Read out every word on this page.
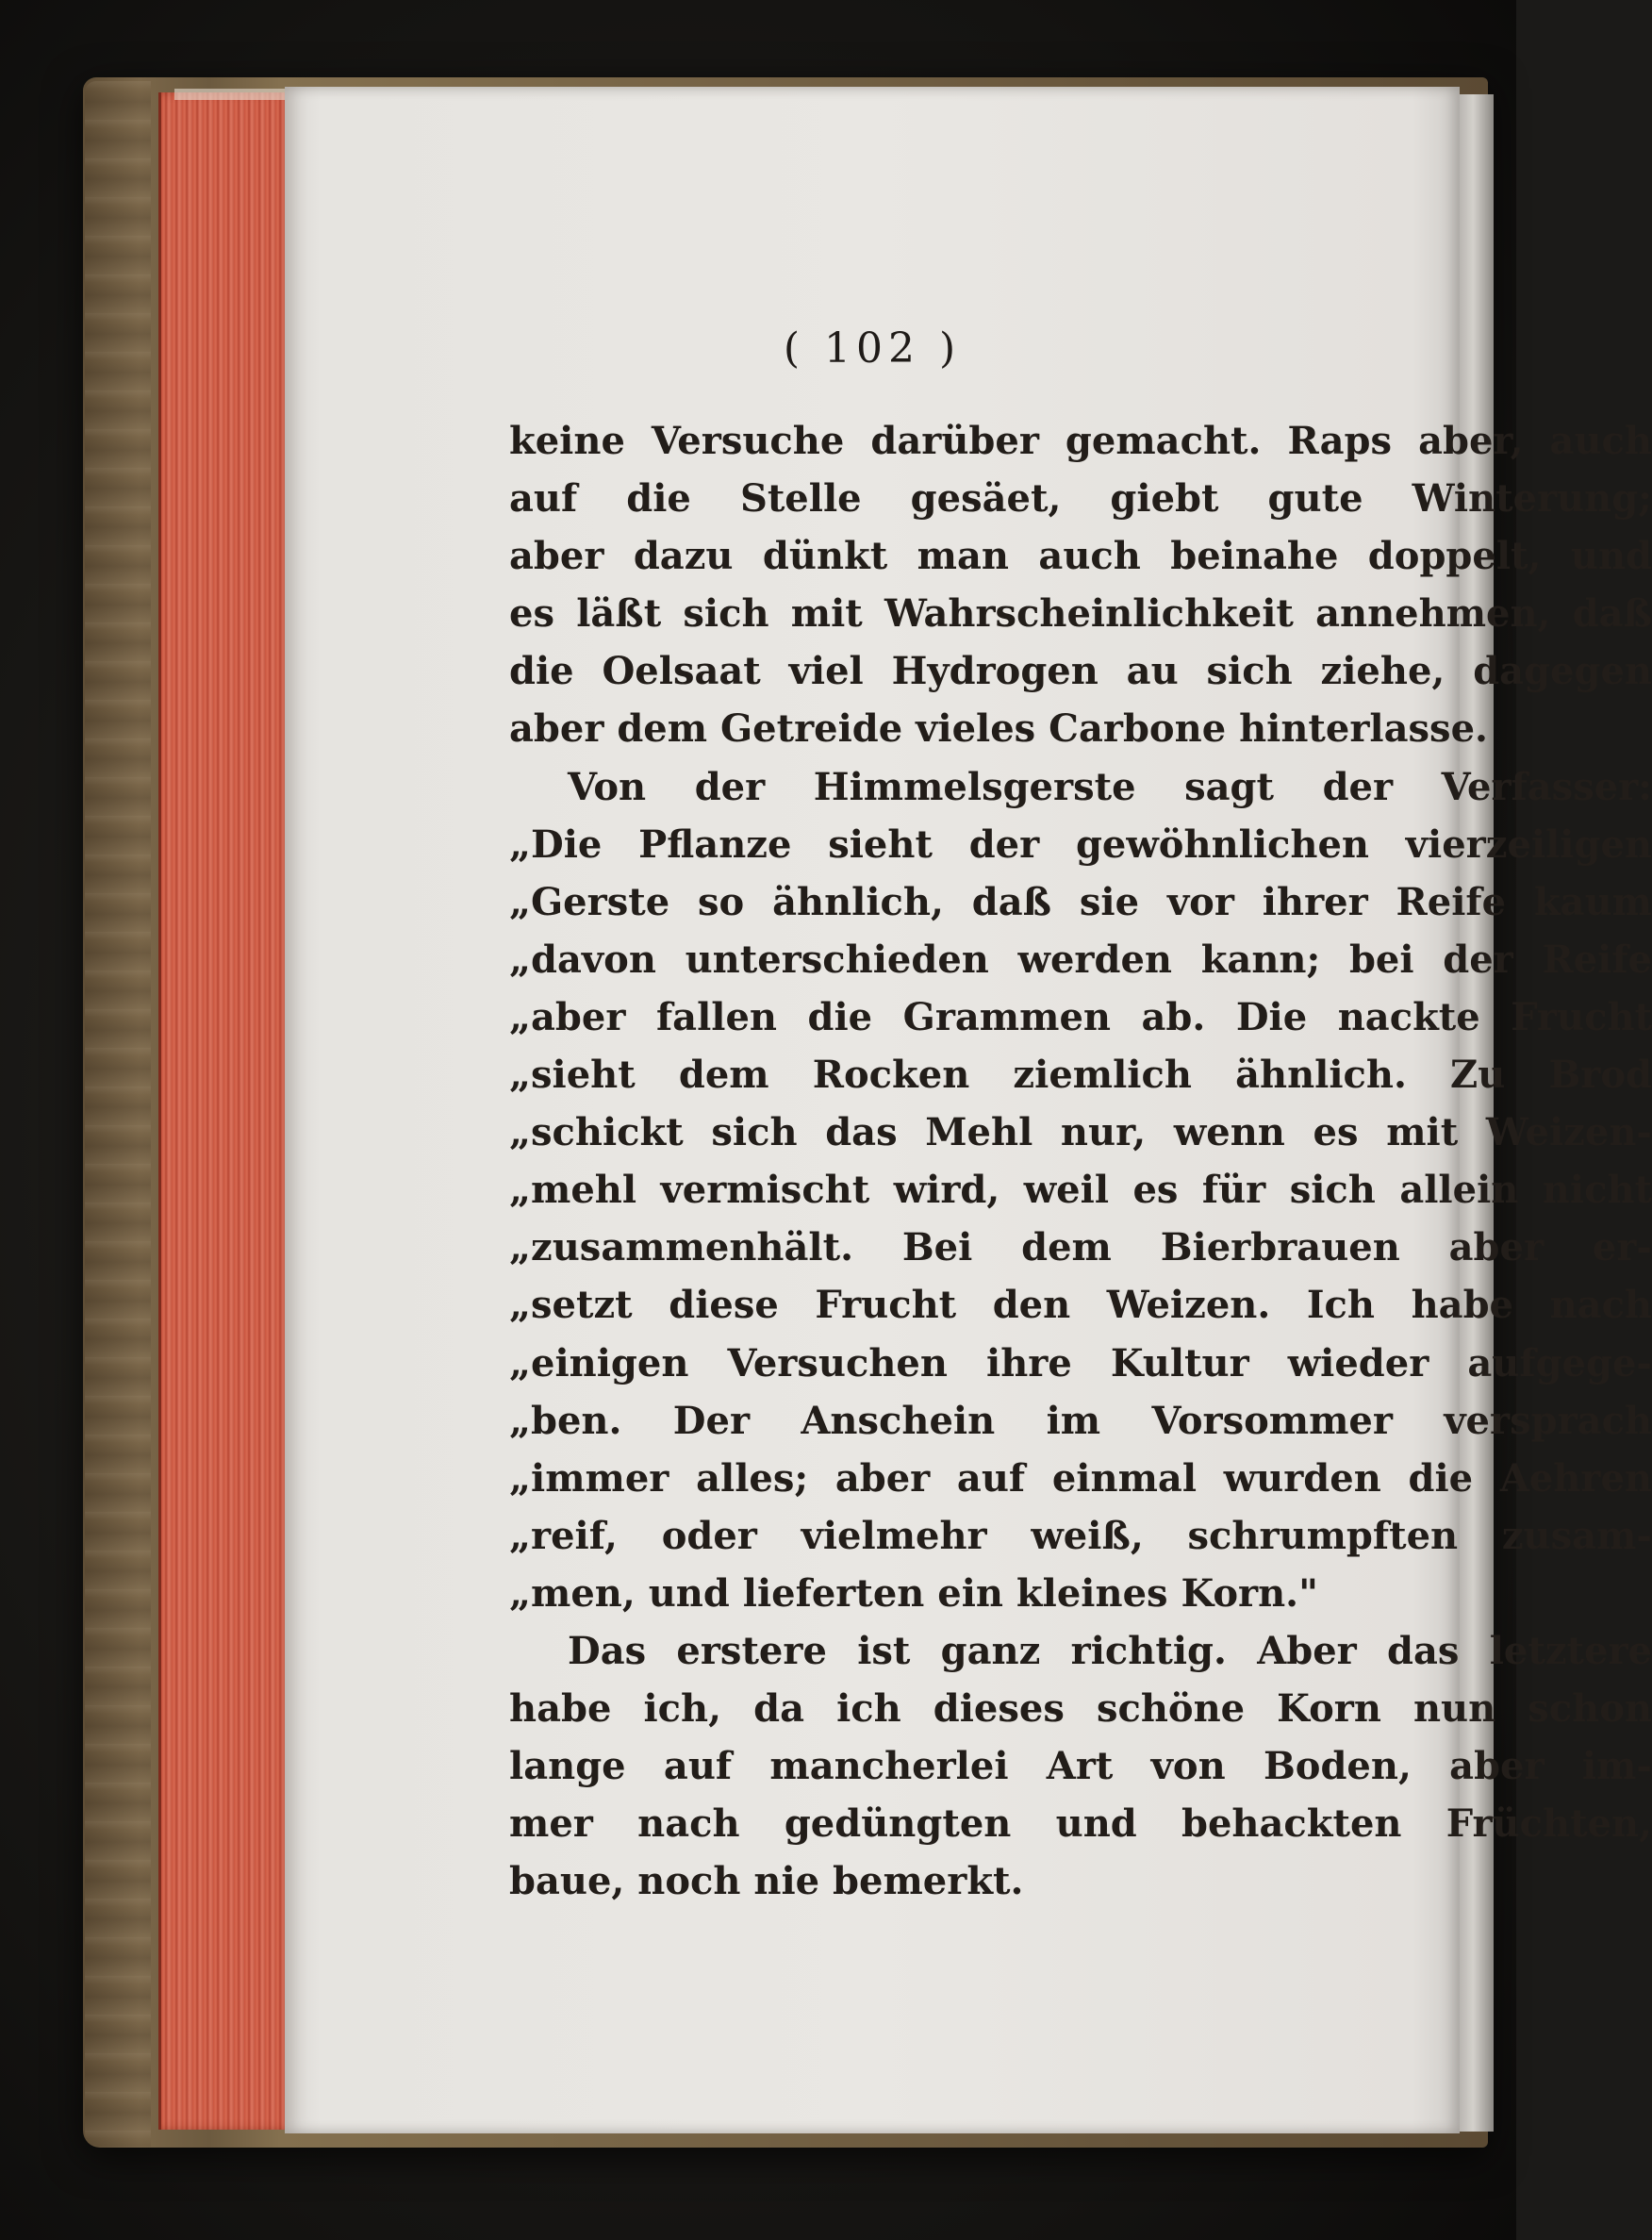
( 102 )
keine Versuche darüber gemacht. Raps aber, auch
auf die Stelle gesäet, giebt gute Winterung;
aber dazu dünkt man auch beinahe doppelt, und
es läßt sich mit Wahrscheinlichkeit annehmen, daß
die Oelsaat viel Hydrogen au sich ziehe, dagegen
aber dem Getreide vieles Carbone hinterlasse.
Von der Himmelsgerste sagt der Verfasser:
„Die Pflanze sieht der gewöhnlichen vierzeiligen
„Gerste so ähnlich, daß sie vor ihrer Reife kaum
„davon unterschieden werden kann; bei der Reife
„aber fallen die Grammen ab. Die nackte Frucht
„sieht dem Rocken ziemlich ähnlich. Zu Brod
„schickt sich das Mehl nur, wenn es mit Weizen-
„mehl vermischt wird, weil es für sich allein nicht
„zusammenhält. Bei dem Bierbrauen aber er-
„setzt diese Frucht den Weizen. Ich habe nach
„einigen Versuchen ihre Kultur wieder aufgege-
„ben. Der Anschein im Vorsommer versprach
„immer alles; aber auf einmal wurden die Aehren
„reif, oder vielmehr weiß, schrumpften zusam-
„men, und lieferten ein kleines Korn."
Das erstere ist ganz richtig. Aber das letztere
habe ich, da ich dieses schöne Korn nun schon
lange auf mancherlei Art von Boden, aber im-
mer nach gedüngten und behackten Früchten,
baue, noch nie bemerkt.
